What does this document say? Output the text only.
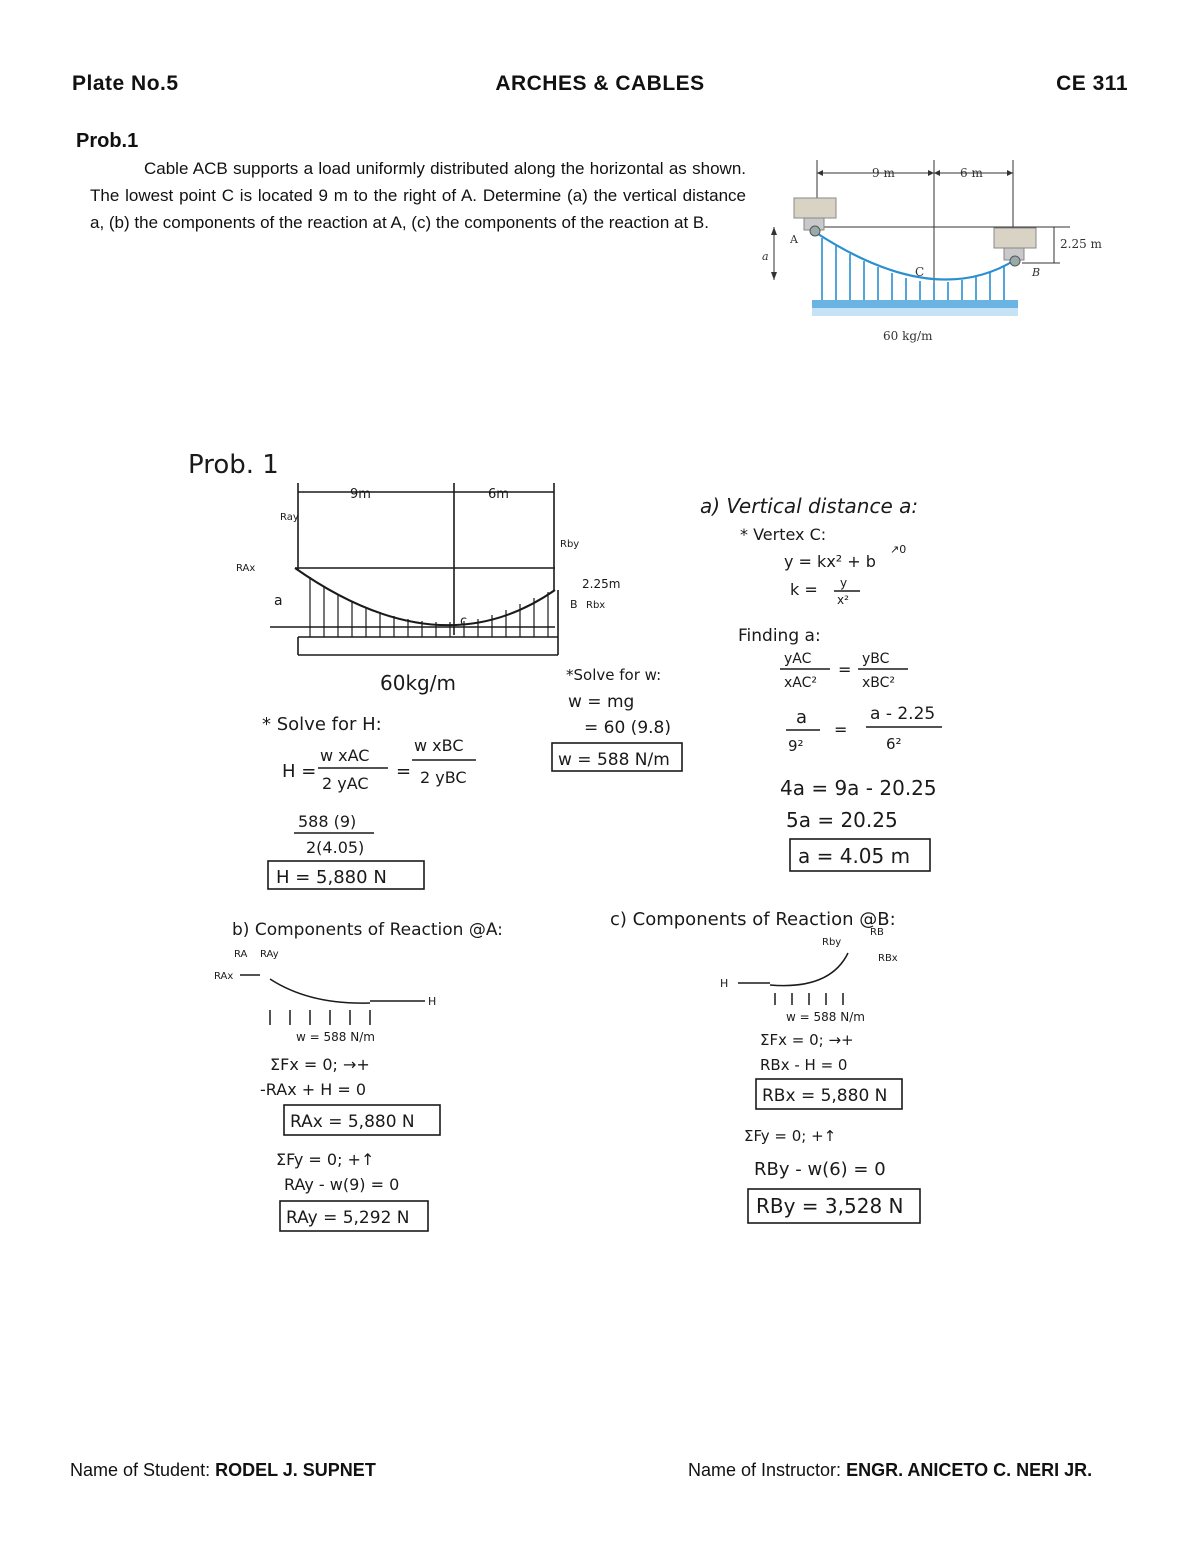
Plate No.5	ARCHES & CABLES	CE 311
Prob.1
Cable ACB supports a load uniformly distributed along the horizontal as shown. The lowest point C is located 9 m to the right of A. Determine (a) the vertical distance a, (b) the components of the reaction at A, (c) the components of the reaction at B.
9 m	6 m
2.25 m
A
B
C
a
60 kg/m
Prob. 1
9m	6m
Ray
RAx
Rby
a
c
2.25m
B Rbx
60kg/m
* Solve for H:
H =
w xAC
2 yAC
=
w xBC
2 yBC
588 (9)
2(4.05)
H = 5,880 N
*Solve for w:
w = mg
= 60 (9.8)
w = 588 N/m
a) Vertical distance a:
* Vertex C:
y = kx² + b
↗0
k = y
x²
Finding a:
yAC
xAC²
=
yBC
xBC²
a
9²
=
a - 2.25
6²
4a = 9a - 20.25
5a = 20.25
a = 4.05 m
b) Components of Reaction @A:
RA RAy
RAx
H
w = 588 N/m
ΣFx = 0; →+
-RAx + H = 0
RAx = 5,880 N
ΣFy = 0; +↑
RAy - w(9) = 0
RAy = 5,292 N
c) Components of Reaction @B:
Rby
RB
RBx
H
w = 588 N/m
ΣFx = 0; →+
RBx - H = 0
RBx = 5,880 N
ΣFy = 0; +↑
RBy - w(6) = 0
RBy = 3,528 N
Name of Student: RODEL J. SUPNET	Name of Instructor: ENGR. ANICETO C. NERI JR.
